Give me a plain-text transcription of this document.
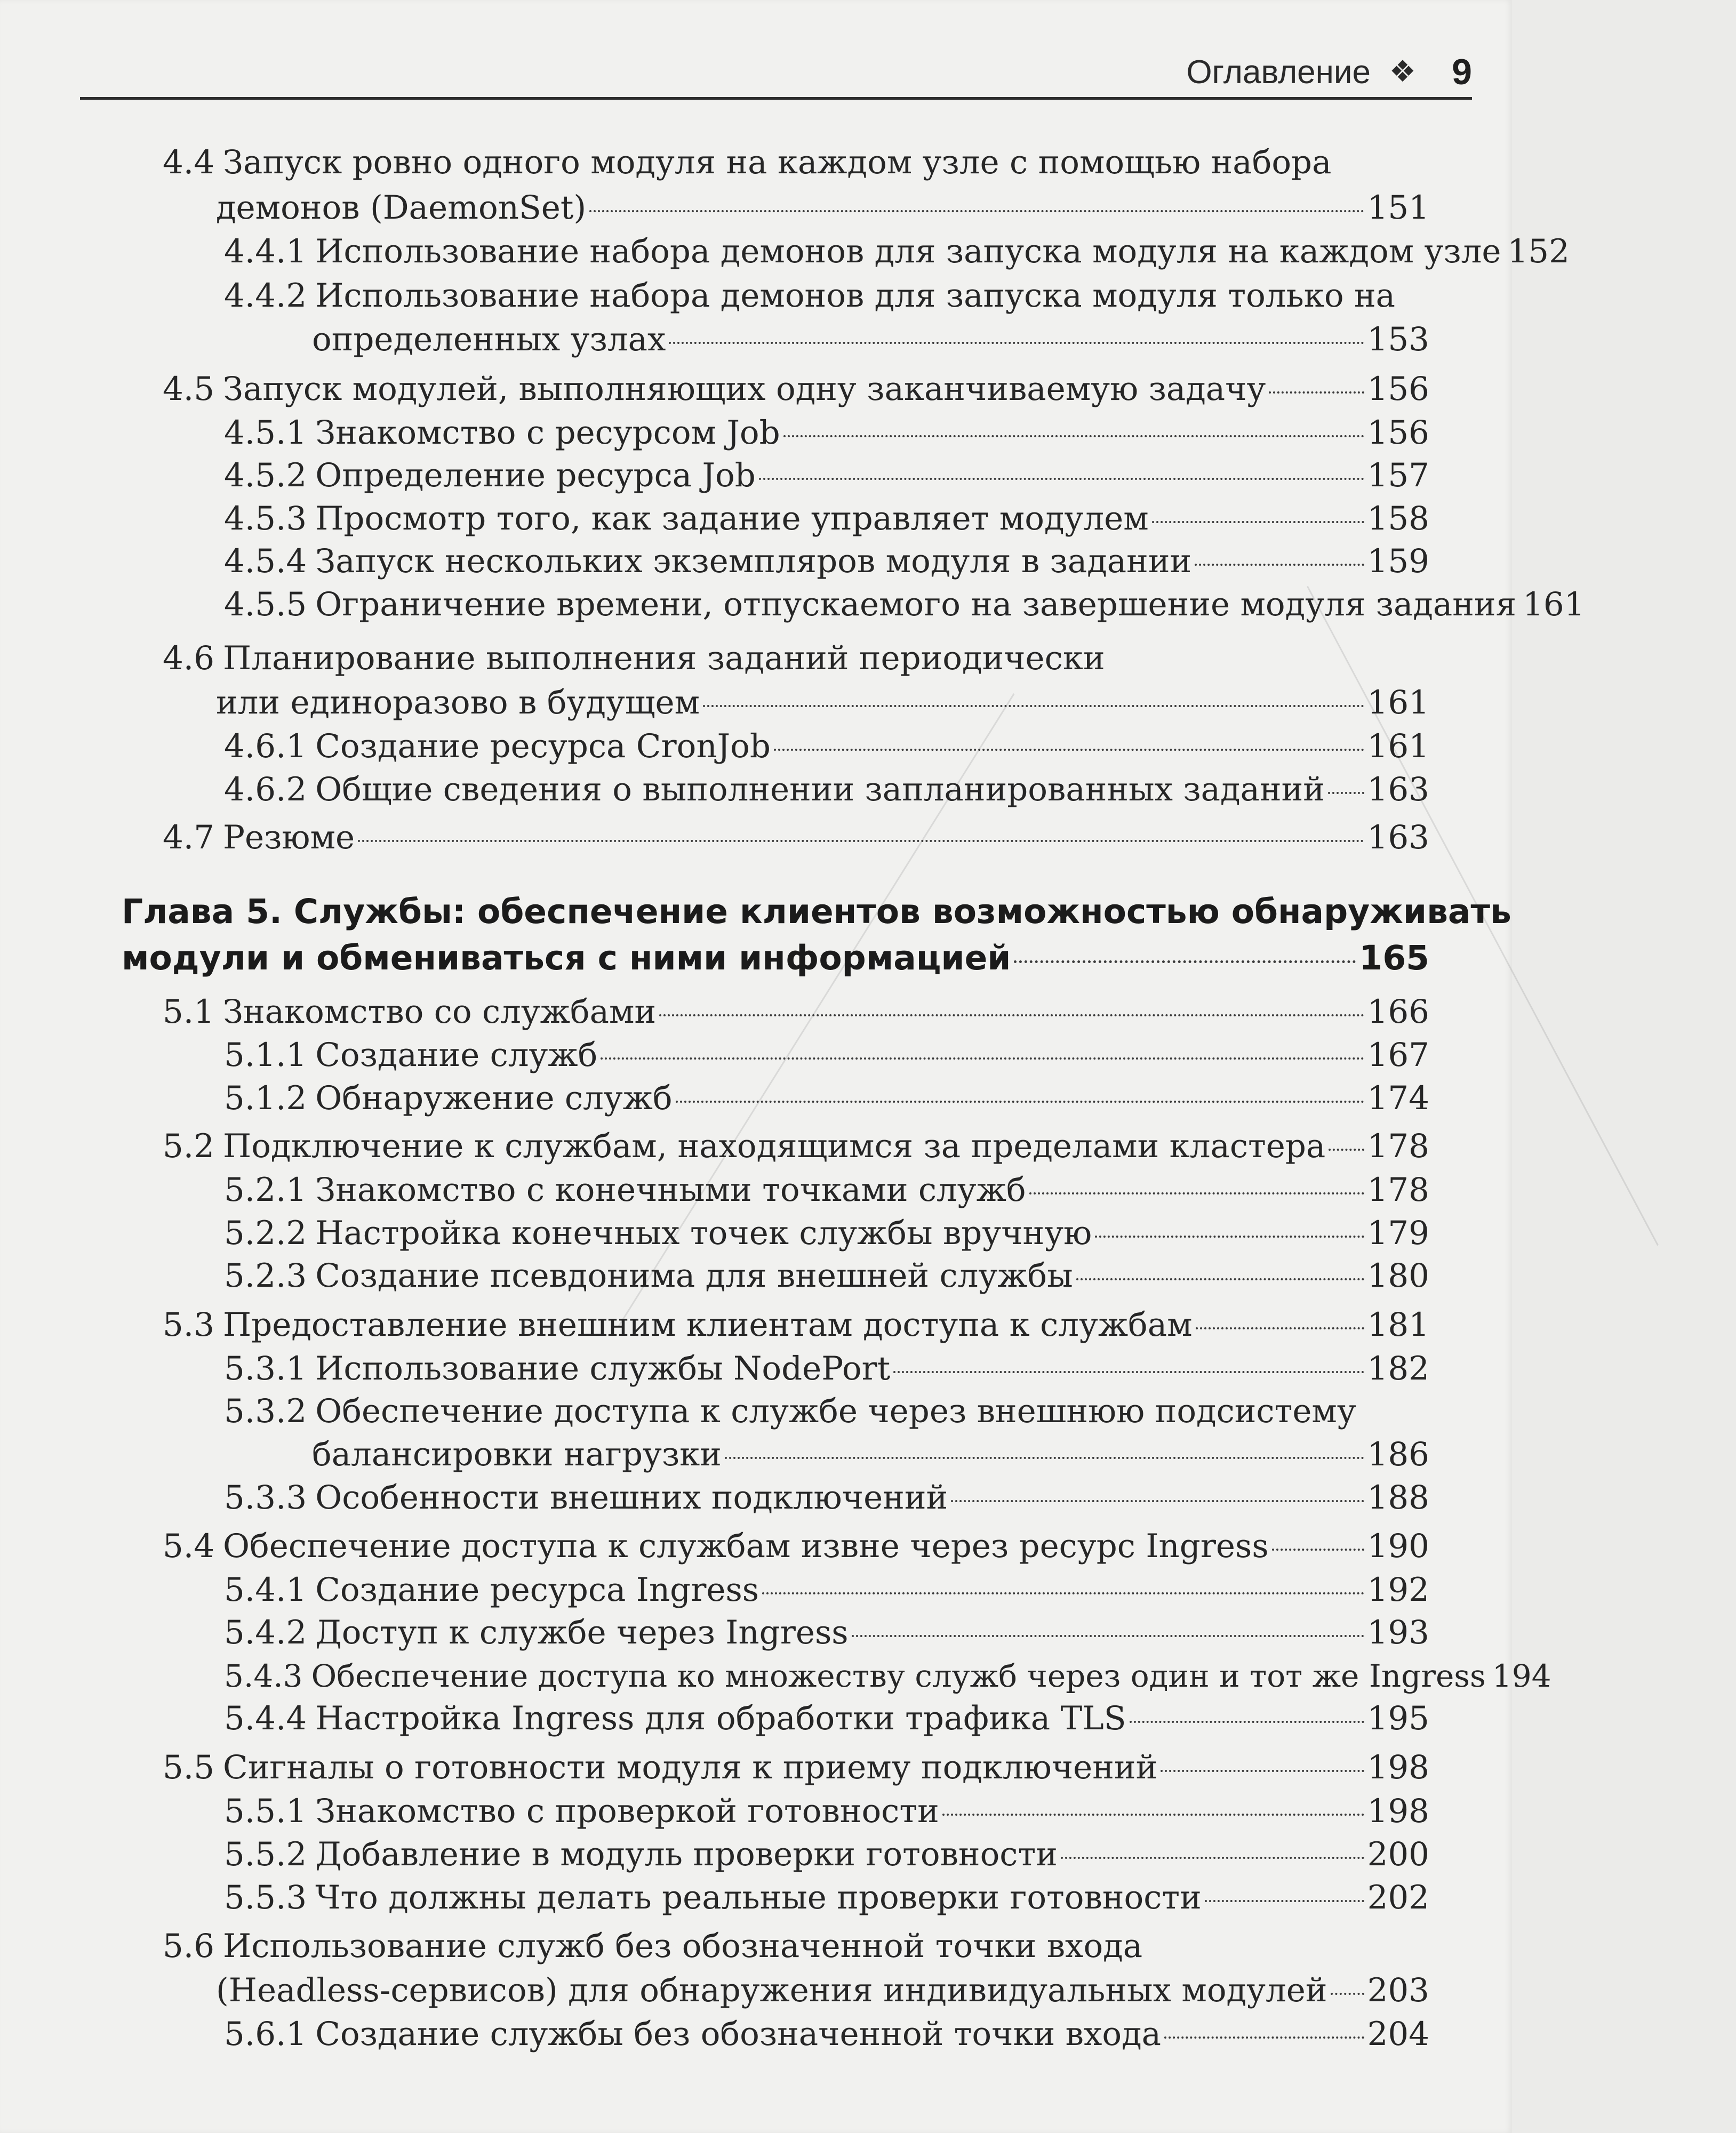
Оглавление ❖ 9
4.4 Запуск ровно одного модуля на каждом узле с помощью набора
демонов (DaemonSet)	151
4.4.1 Использование набора демонов для запуска модуля на каждом узле 152
4.4.2 Использование набора демонов для запуска модуля только на
определенных узлах	153
4.5 Запуск модулей, выполняющих одну заканчиваемую задачу	156
4.5.1 Знакомство с ресурсом Job	156
4.5.2 Определение ресурса Job	157
4.5.3 Просмотр того, как задание управляет модулем	158
4.5.4 Запуск нескольких экземпляров модуля в задании	159
4.5.5 Ограничение времени, отпускаемого на завершение модуля задания 161
4.6 Планирование выполнения заданий периодически
или единоразово в будущем	161
4.6.1 Создание ресурса CronJob	161
4.6.2 Общие сведения о выполнении запланированных заданий 163
4.7 Резюме	163
Глава 5. Службы: обеспечение клиентов возможностью обнаруживать
модули и обмениваться с ними информацией	165
5.1 Знакомство со службами	166
5.1.1 Создание служб	167
5.1.2 Обнаружение служб	174
5.2 Подключение к службам, находящимся за пределами кластера 178
5.2.1 Знакомство с конечными точками служб	178
5.2.2 Настройка конечных точек службы вручную	179
5.2.3 Создание псевдонима для внешней службы	180
5.3 Предоставление внешним клиентам доступа к службам	181
5.3.1 Использование службы NodePort	182
5.3.2 Обеспечение доступа к службе через внешнюю подсистему
балансировки нагрузки	186
5.3.3 Особенности внешних подключений	188
5.4 Обеспечение доступа к службам извне через ресурс Ingress	190
5.4.1 Создание ресурса Ingress	192
5.4.2 Доступ к службе через Ingress	193
5.4.3 Обеспечение доступа ко множеству служб через один и тот же Ingress 194
5.4.4 Настройка Ingress для обработки трафика TLS	195
5.5 Сигналы о готовности модуля к приему подключений	198
5.5.1 Знакомство с проверкой готовности	198
5.5.2 Добавление в модуль проверки готовности	200
5.5.3 Что должны делать реальные проверки готовности	202
5.6 Использование служб без обозначенной точки входа
(Headless-сервисов) для обнаружения индивидуальных модулей 203
5.6.1 Создание службы без обозначенной точки входа	204
